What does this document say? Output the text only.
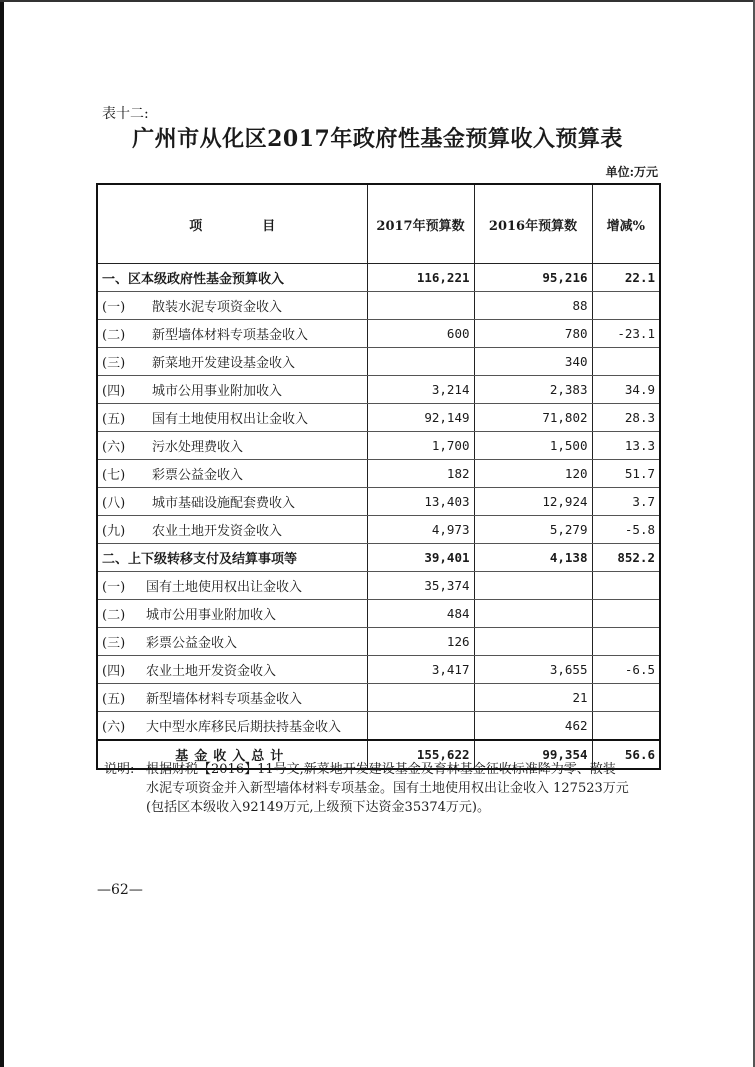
表十二:
广州市从化区2017年政府性基金预算收入预算表
单位:万元
项 目	2017年预算数	2016年预算数	增减%
一、区本级政府性基金预算收入	116,221	95,216	22.1
(一) 散装水泥专项资金收入		88	
(二) 新型墙体材料专项基金收入	600	780	-23.1
(三) 新菜地开发建设基金收入		340	
(四) 城市公用事业附加收入	3,214	2,383	34.9
(五) 国有土地使用权出让金收入	92,149	71,802	28.3
(六) 污水处理费收入	1,700	1,500	13.3
(七) 彩票公益金收入	182	120	51.7
(八) 城市基础设施配套费收入	13,403	12,924	3.7
(九) 农业土地开发资金收入	4,973	5,279	-5.8
二、上下级转移支付及结算事项等	39,401	4,138	852.2
(一) 国有土地使用权出让金收入	35,374		
(二) 城市公用事业附加收入	484		
(三) 彩票公益金收入	126		
(四) 农业土地开发资金收入	3,417	3,655	-6.5
(五) 新型墙体材料专项基金收入		21	
(六) 大中型水库移民后期扶持基金收入		462	
基金收入总计	155,622	99,354	56.6
说明: 根据财税【2016】11号文,新菜地开发建设基金及育林基金征收标准降为零、散装
水泥专项资金并入新型墙体材料专项基金。国有土地使用权出让金收入 127523万元
(包括区本级收入92149万元,上级预下达资金35374万元)。
—62—
